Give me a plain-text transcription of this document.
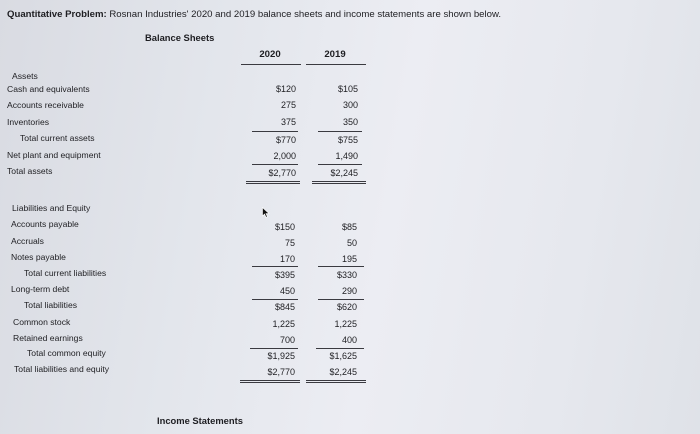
Quantitative Problem: Rosnan Industries' 2020 and 2019 balance sheets and income statements are shown below.
Balance Sheets
2020	2019
Assets
Cash and equivalents	$120	$105
Accounts receivable	275	300
Inventories	375	350
Total current assets	$770	$755
Net plant and equipment	2,000	1,490
Total assets	$2,770	$2,245
Liabilities and Equity
Accounts payable	$150	$85
Accruals	75	50
Notes payable	170	195
Total current liabilities	$395	$330
Long-term debt	450	290
Total liabilities	$845	$620
Common stock	1,225	1,225
Retained earnings	700	400
Total common equity	$1,925	$1,625
Total liabilities and equity	$2,770	$2,245
Income Statements
